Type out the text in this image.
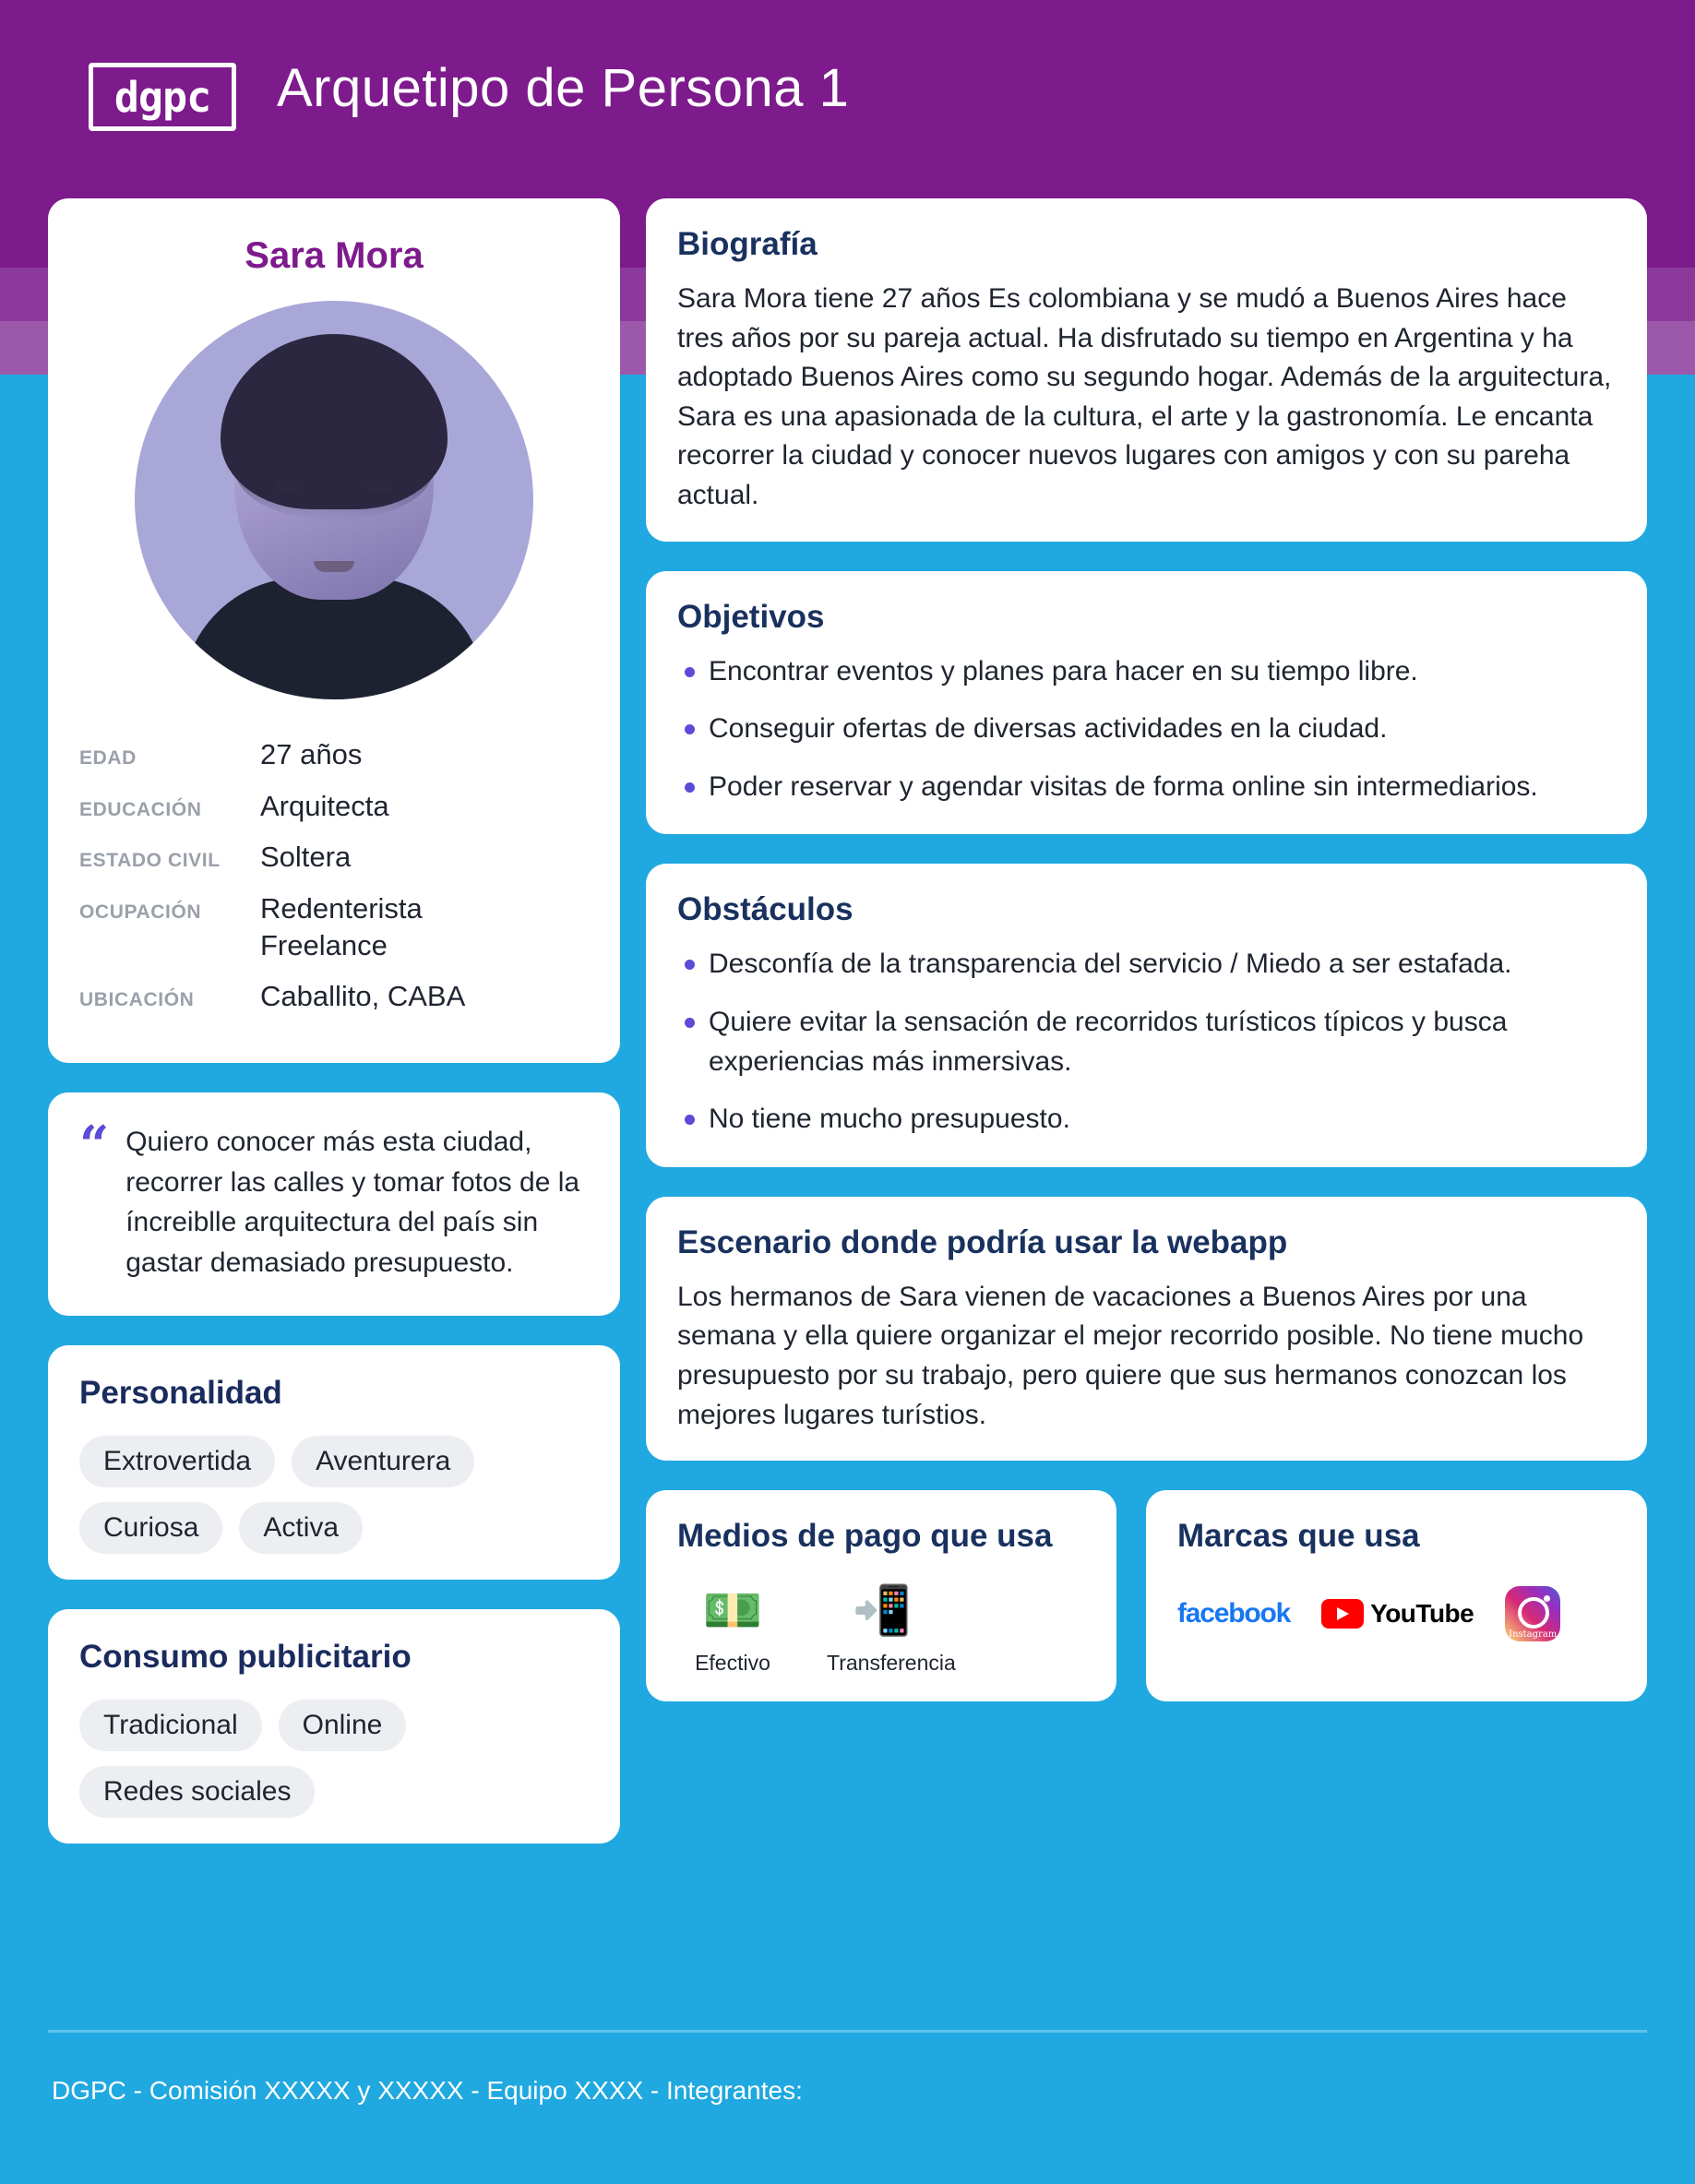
dgpc	Arquetipo de Persona 1
Sara Mora
EDAD	27 años
EDUCACIÓN	Arquitecta
ESTADO CIVIL	Soltera
OCUPACIÓN	Redenterista Freelance
UBICACIÓN	Caballito, CABA
“ Quiero conocer más esta ciudad, recorrer las calles y tomar fotos de la íncreiblle arquitectura del país sin gastar demasiado presupuesto.
Personalidad
Extrovertida	Aventurera
Curiosa	Activa
Consumo publicitario
Tradicional	Online
Redes sociales
Biografía
Sara Mora tiene 27 años Es colombiana y se mudó a Buenos Aires hace tres años por su pareja actual. Ha disfrutado su tiempo en Argentina y ha adoptado Buenos Aires como su segundo hogar. Además de la arguitectura, Sara es una apasionada de la cultura, el arte y la gastronomía. Le encanta recorrer la ciudad y conocer nuevos lugares con amigos y con su pareha actual.
Objetivos
Encontrar eventos y planes para hacer en su tiempo libre.
Conseguir ofertas de diversas actividades en la ciudad.
Poder reservar y agendar visitas de forma online sin intermediarios.
Obstáculos
Desconfía de la transparencia del servicio / Miedo a ser estafada.
Quiere evitar la sensación de recorridos turísticos típicos y busca experiencias más inmersivas.
No tiene mucho presupuesto.
Escenario donde podría usar la webapp
Los hermanos de Sara vienen de vacaciones a Buenos Aires por una semana y ella quiere organizar el mejor recorrido posible. No tiene mucho presupuesto por su trabajo, pero quiere que sus hermanos conozcan los mejores lugares turístios.
Medios de pago que usa
💵
Efectivo
📲
Transferencia
Marcas que usa
facebook	YouTube
Instagram
DGPC - Comisión XXXXX y XXXXX - Equipo XXXX - Integrantes:
